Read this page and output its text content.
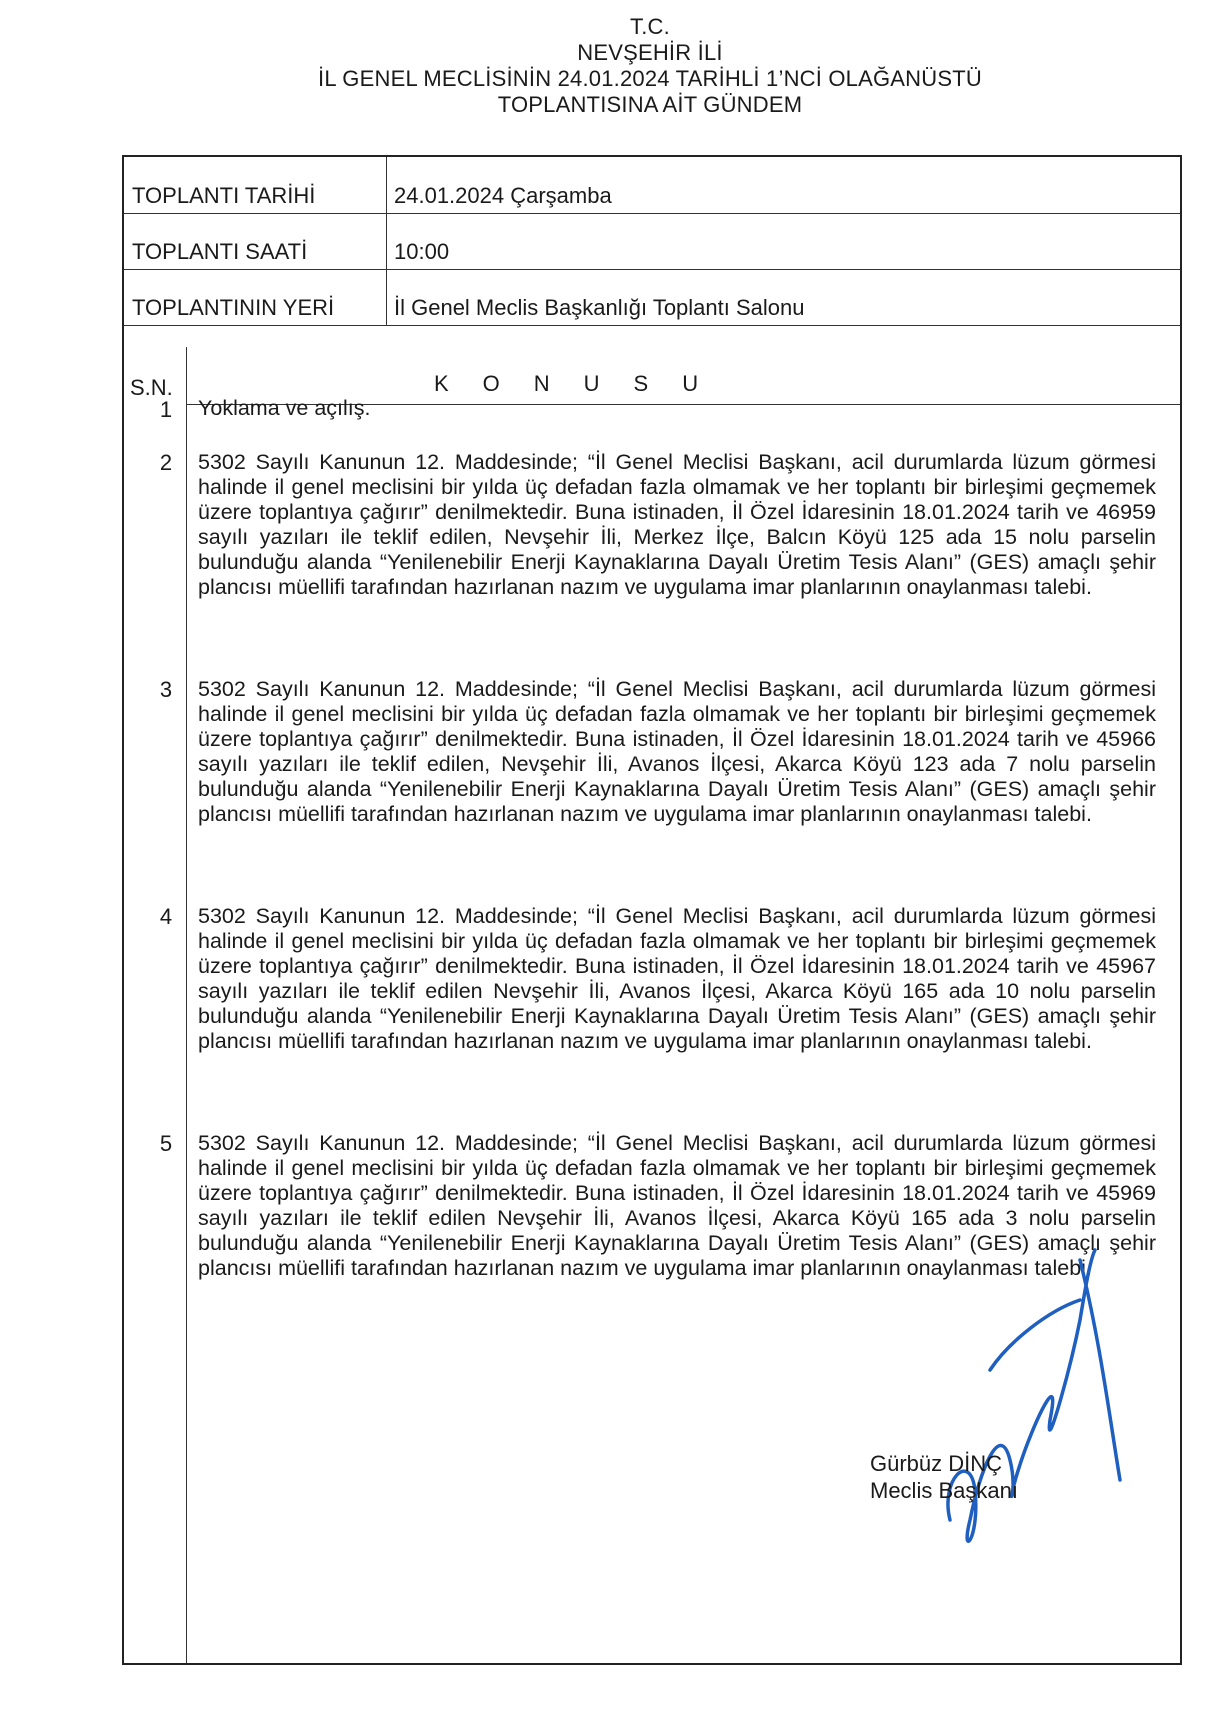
T.C.
NEVŞEHİR İLİ
İL GENEL MECLİSİNİN 24.01.2024 TARİHLİ 1’NCİ OLAĞANÜSTÜ
TOPLANTISINA AİT GÜNDEM
TOPLANTI TARİHİ	24.01.2024 Çarşamba
TOPLANTI SAATİ	10:00
TOPLANTININ YERİ	İl Genel Meclis Başkanlığı Toplantı Salonu
S.N.	KONUSU
1 Yoklama ve açılış.
2 5302 Sayılı Kanunun 12. Maddesinde; “İl Genel Meclisi Başkanı, acil durumlarda lüzum görmesi halinde il genel meclisini bir yılda üç defadan fazla olmamak ve her toplantı bir birleşimi geçmemek üzere toplantıya çağırır” denilmektedir. Buna istinaden, İl Özel İdaresinin 18.01.2024 tarih ve 46959 sayılı yazıları ile teklif edilen, Nevşehir İli, Merkez İlçe, Balcın Köyü 125 ada 15 nolu parselin bulunduğu alanda “Yenilenebilir Enerji Kaynaklarına Dayalı Üretim Tesis Alanı” (GES) amaçlı şehir plancısı müellifi tarafından hazırlanan nazım ve uygulama imar planlarının onaylanması talebi.
3 5302 Sayılı Kanunun 12. Maddesinde; “İl Genel Meclisi Başkanı, acil durumlarda lüzum görmesi halinde il genel meclisini bir yılda üç defadan fazla olmamak ve her toplantı bir birleşimi geçmemek üzere toplantıya çağırır” denilmektedir. Buna istinaden, İl Özel İdaresinin 18.01.2024 tarih ve 45966 sayılı yazıları ile teklif edilen, Nevşehir İli, Avanos İlçesi, Akarca Köyü 123 ada 7 nolu parselin bulunduğu alanda “Yenilenebilir Enerji Kaynaklarına Dayalı Üretim Tesis Alanı” (GES) amaçlı şehir plancısı müellifi tarafından hazırlanan nazım ve uygulama imar planlarının onaylanması talebi.
4 5302 Sayılı Kanunun 12. Maddesinde; “İl Genel Meclisi Başkanı, acil durumlarda lüzum görmesi halinde il genel meclisini bir yılda üç defadan fazla olmamak ve her toplantı bir birleşimi geçmemek üzere toplantıya çağırır” denilmektedir. Buna istinaden, İl Özel İdaresinin 18.01.2024 tarih ve 45967 sayılı yazıları ile teklif edilen Nevşehir İli, Avanos İlçesi, Akarca Köyü 165 ada 10 nolu parselin bulunduğu alanda “Yenilenebilir Enerji Kaynaklarına Dayalı Üretim Tesis Alanı” (GES) amaçlı şehir plancısı müellifi tarafından hazırlanan nazım ve uygulama imar planlarının onaylanması talebi.
5 5302 Sayılı Kanunun 12. Maddesinde; “İl Genel Meclisi Başkanı, acil durumlarda lüzum görmesi halinde il genel meclisini bir yılda üç defadan fazla olmamak ve her toplantı bir birleşimi geçmemek üzere toplantıya çağırır” denilmektedir. Buna istinaden, İl Özel İdaresinin 18.01.2024 tarih ve 45969 sayılı yazıları ile teklif edilen Nevşehir İli, Avanos İlçesi, Akarca Köyü 165 ada 3 nolu parselin bulunduğu alanda “Yenilenebilir Enerji Kaynaklarına Dayalı Üretim Tesis Alanı” (GES) amaçlı şehir plancısı müellifi tarafından hazırlanan nazım ve uygulama imar planlarının onaylanması talebi.
Gürbüz DİNÇ
Meclis Başkanı
